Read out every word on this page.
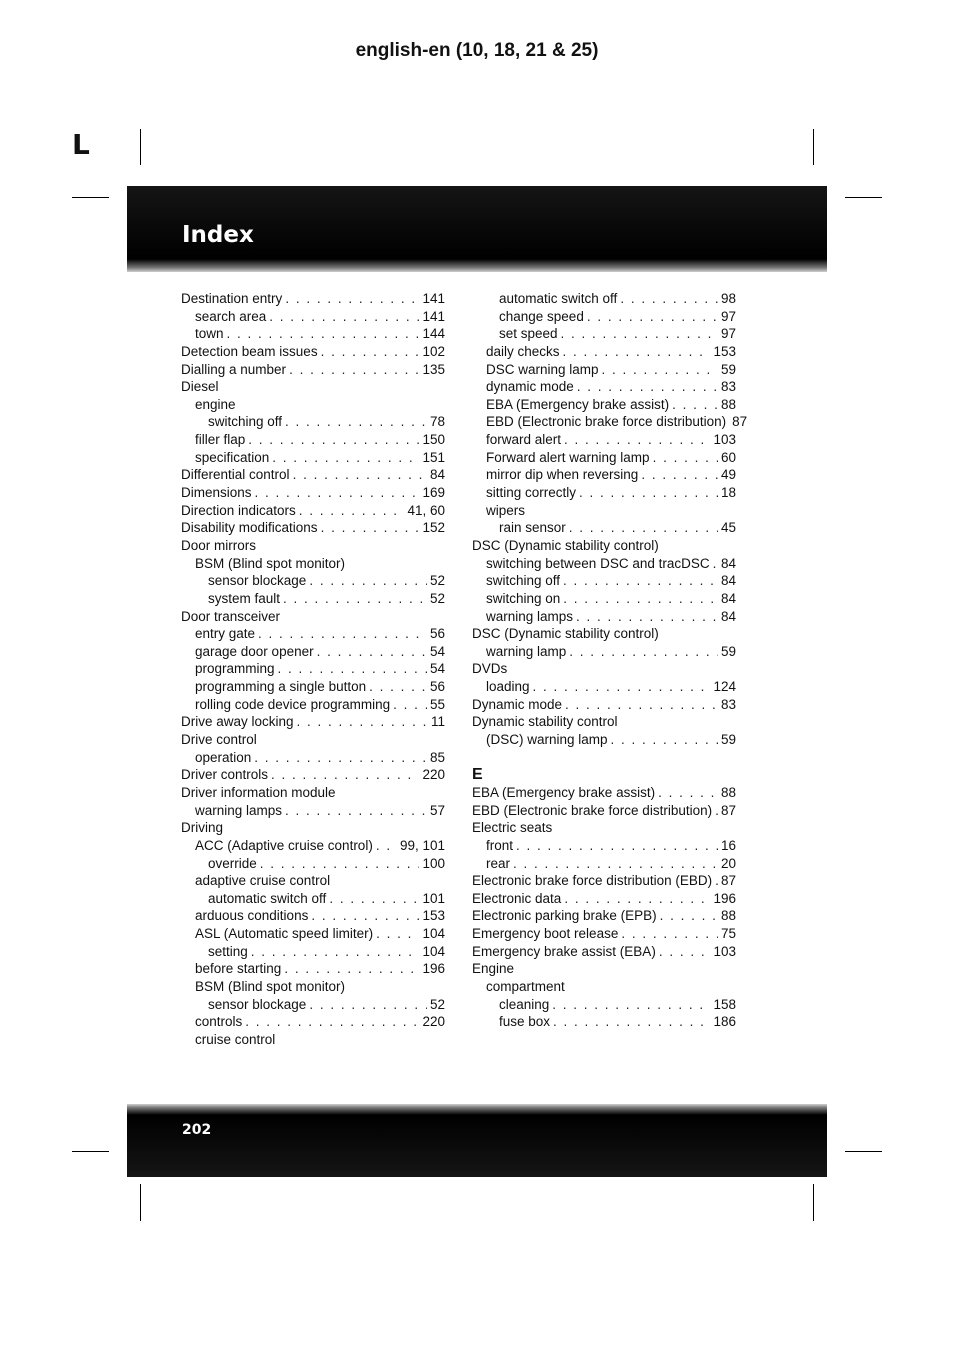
english-en (10, 18, 21 & 25)
L
Index
Destination entry . . .	141
search area . . .	141
town . . .	144
Detection beam issues . . .	102
Dialling a number . . .	135
Diesel
engine
switching off . . .	78
filler flap . . .	150
specification . . .	151
Differential control . . .	84
Dimensions . . .	169
Direction indicators . . .	41, 60
Disability modifications . . .	152
Door mirrors
BSM (Blind spot monitor)
sensor blockage . . .	52
system fault . . .	52
Door transceiver
entry gate . . .	56
garage door opener . . .	54
programming . . .	54
programming a single button . . .	56
rolling code device programming . . .	55
Drive away locking . . .	11
Drive control
operation . . .	85
Driver controls . . .	220
Driver information module
warning lamps . . .	57
Driving
ACC (Adaptive cruise control) . . . 99, 101
override . . .	100
adaptive cruise control
automatic switch off . . .	101
arduous conditions . . .	153
ASL (Automatic speed limiter) . . .	104
setting . . .	104
before starting . . .	196
BSM (Blind spot monitor)
sensor blockage . . .	52
controls . . .	220
cruise control
automatic switch off . . .	98
change speed . . .	97
set speed . . .	97
daily checks . . .	153
DSC warning lamp . . .	59
dynamic mode . . .	83
EBA (Emergency brake assist) . . .	88
EBD (Electronic brake force distribution) 87
forward alert . . .	103
Forward alert warning lamp . . .	60
mirror dip when reversing . . .	49
sitting correctly . . .	18
wipers
rain sensor . . .	45
DSC (Dynamic stability control)
switching between DSC and tracDSC . . . 84
switching off . . .	84
switching on . . .	84
warning lamps . . .	84
DSC (Dynamic stability control)
warning lamp . . .	59
DVDs
loading . . .	124
Dynamic mode . . .	83
Dynamic stability control
(DSC) warning lamp . . .	59
E
EBA (Emergency brake assist) . . .	88
EBD (Electronic brake force distribution) . . . 87
Electric seats
front . . .	16
rear . . .	20
Electronic brake force distribution (EBD) . . . 87
Electronic data . . .	196
Electronic parking brake (EPB) . . .	88
Emergency boot release . . .	75
Emergency brake assist (EBA) . . .	103
Engine
compartment
cleaning . . .	158
fuse box . . .	186
202
